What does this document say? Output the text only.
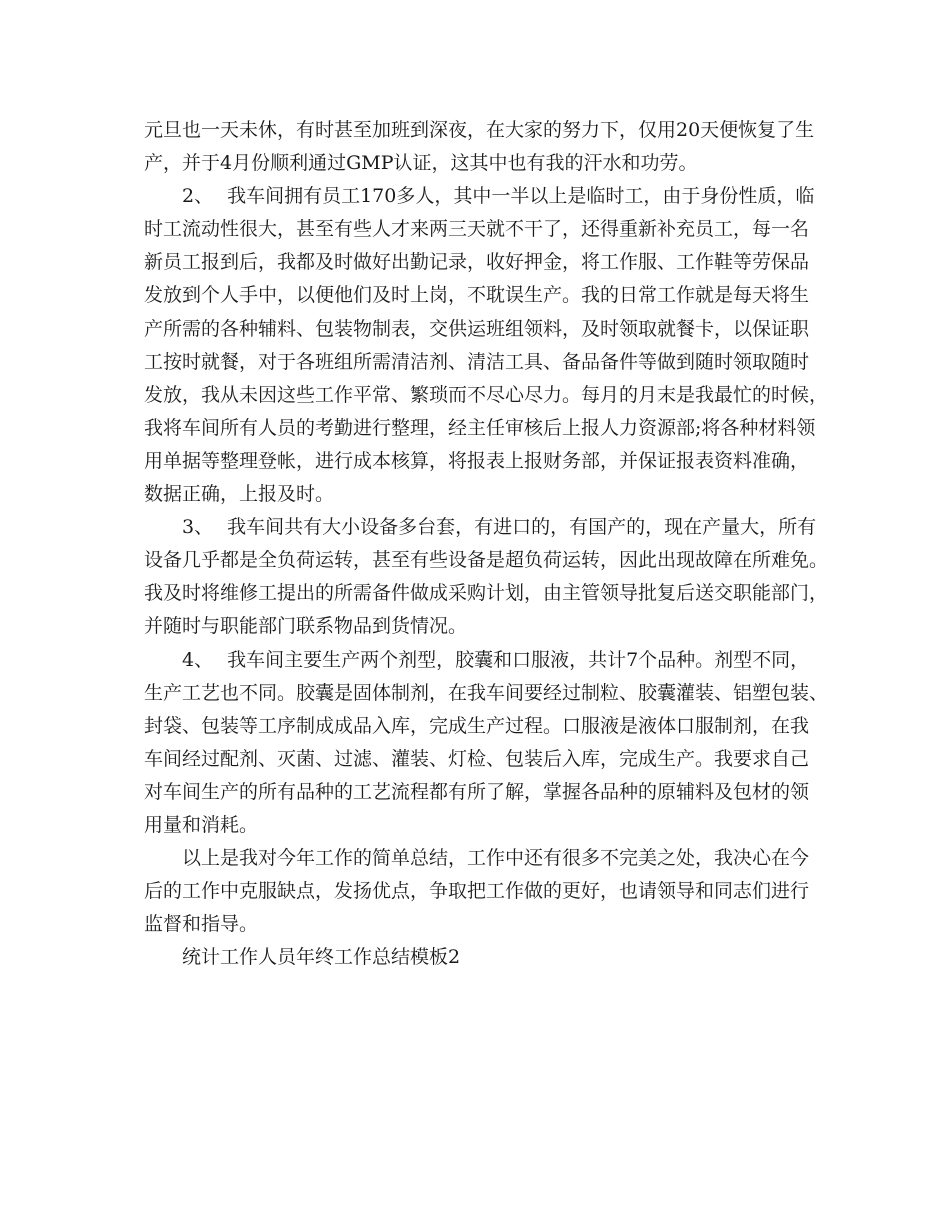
元旦也一天未休，有时甚至加班到深夜，在大家的努力下，仅用20天便恢复了生
产，并于4月份顺利通过GMP认证，这其中也有我的汗水和功劳。
2、 我车间拥有员工170多人，其中一半以上是临时工，由于身份性质，临
时工流动性很大，甚至有些人才来两三天就不干了，还得重新补充员工，每一名
新员工报到后，我都及时做好出勤记录，收好押金，将工作服、工作鞋等劳保品
发放到个人手中，以便他们及时上岗，不耽误生产。我的日常工作就是每天将生
产所需的各种辅料、包装物制表，交供运班组领料，及时领取就餐卡，以保证职
工按时就餐，对于各班组所需清洁剂、清洁工具、备品备件等做到随时领取随时
发放，我从未因这些工作平常、繁琐而不尽心尽力。每月的月末是我最忙的时候，
我将车间所有人员的考勤进行整理，经主任审核后上报人力资源部;将各种材料领
用单据等整理登帐，进行成本核算，将报表上报财务部，并保证报表资料准确，
数据正确，上报及时。
3、 我车间共有大小设备多台套，有进口的，有国产的，现在产量大，所有
设备几乎都是全负荷运转，甚至有些设备是超负荷运转，因此出现故障在所难免。
我及时将维修工提出的所需备件做成采购计划，由主管领导批复后送交职能部门，
并随时与职能部门联系物品到货情况。
4、 我车间主要生产两个剂型，胶囊和口服液，共计7个品种。剂型不同，
生产工艺也不同。胶囊是固体制剂，在我车间要经过制粒、胶囊灌装、铝塑包装、
封袋、包装等工序制成成品入库，完成生产过程。口服液是液体口服制剂，在我
车间经过配剂、灭菌、过滤、灌装、灯检、包装后入库，完成生产。我要求自己
对车间生产的所有品种的工艺流程都有所了解，掌握各品种的原辅料及包材的领
用量和消耗。
以上是我对今年工作的简单总结，工作中还有很多不完美之处，我决心在今
后的工作中克服缺点，发扬优点，争取把工作做的更好，也请领导和同志们进行
监督和指导。
统计工作人员年终工作总结模板2
